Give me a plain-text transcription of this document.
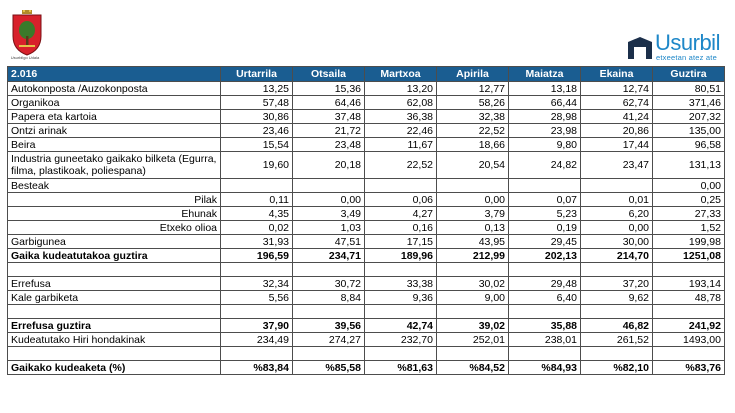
Usurbilgo Udala
Usurbil
etxeetan atez ate
2.016	Urtarrila	Otsaila	Martxoa	Apirila	Maiatza	Ekaina	Guztira
Autokonposta /Auzokonposta	13,25	15,36	13,20	12,77	13,18	12,74	80,51
Organikoa	57,48	64,46	62,08	58,26	66,44	62,74	371,46
Papera eta kartoia	30,86	37,48	36,38	32,38	28,98	41,24	207,32
Ontzi arinak	23,46	21,72	22,46	22,52	23,98	20,86	135,00
Beira	15,54	23,48	11,67	18,66	9,80	17,44	96,58
Industria guneetako gaikako bilketa (Egurra, filma, plastikoak, poliespana)	19,60	20,18	22,52	20,54	24,82	23,47	131,13
Besteak							0,00
Pilak	0,11	0,00	0,06	0,00	0,07	0,01	0,25
Ehunak	4,35	3,49	4,27	3,79	5,23	6,20	27,33
Etxeko olioa	0,02	1,03	0,16	0,13	0,19	0,00	1,52
Garbigunea	31,93	47,51	17,15	43,95	29,45	30,00	199,98
Gaika kudeatutakoa guztira	196,59	234,71	189,96	212,99	202,13	214,70	1251,08

Errefusa	32,34	30,72	33,38	30,02	29,48	37,20	193,14
Kale garbiketa	5,56	8,84	9,36	9,00	6,40	9,62	48,78

Errefusa guztira	37,90	39,56	42,74	39,02	35,88	46,82	241,92
Kudeatutako Hiri hondakinak	234,49	274,27	232,70	252,01	238,01	261,52	1493,00

Gaikako kudeaketa (%)	%83,84	%85,58	%81,63	%84,52	%84,93	%82,10	%83,76
